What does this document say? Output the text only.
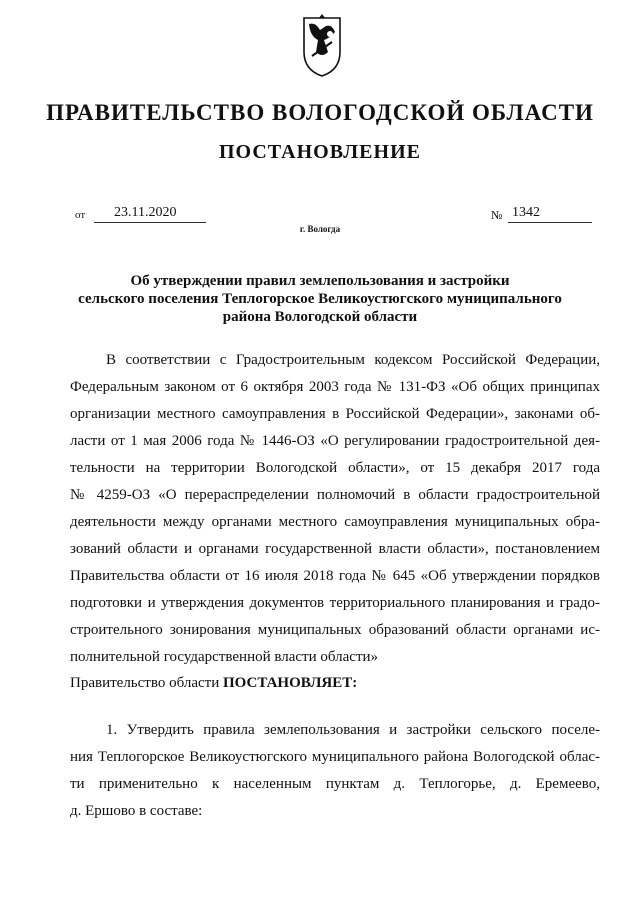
ПРАВИТЕЛЬСТВО ВОЛОГОДСКОЙ ОБЛАСТИ
ПОСТАНОВЛЕНИЕ
от	23.11.2020	№ 1342
г. Вологда
Об утверждении правил землепользования и застройки
сельского поселения Теплогорское Великоустюгского муниципального
района Вологодской области
В соответствии с Градостроительным кодексом Российской Федерации,
Федеральным законом от 6 октября 2003 года № 131-ФЗ «Об общих принципах
организации местного самоуправления в Российской Федерации», законами об-
ласти от 1 мая 2006 года № 1446-ОЗ «О регулировании градостроительной дея-
тельности на территории Вологодской области», от 15 декабря 2017 года
№ 4259-ОЗ «О перераспределении полномочий в области градостроительной
деятельности между органами местного самоуправления муниципальных обра-
зований области и органами государственной власти области», постановлением
Правительства области от 16 июля 2018 года № 645 «Об утверждении порядков
подготовки и утверждения документов территориального планирования и градо-
строительного зонирования муниципальных образований области органами ис-
полнительной государственной власти области»
Правительство области ПОСТАНОВЛЯЕТ:
1. Утвердить правила землепользования и застройки сельского поселе-
ния Теплогорское Великоустюгского муниципального района Вологодской облас-
ти применительно к населенным пунктам д. Теплогорье, д. Еремеево,
д. Ершово в составе:
